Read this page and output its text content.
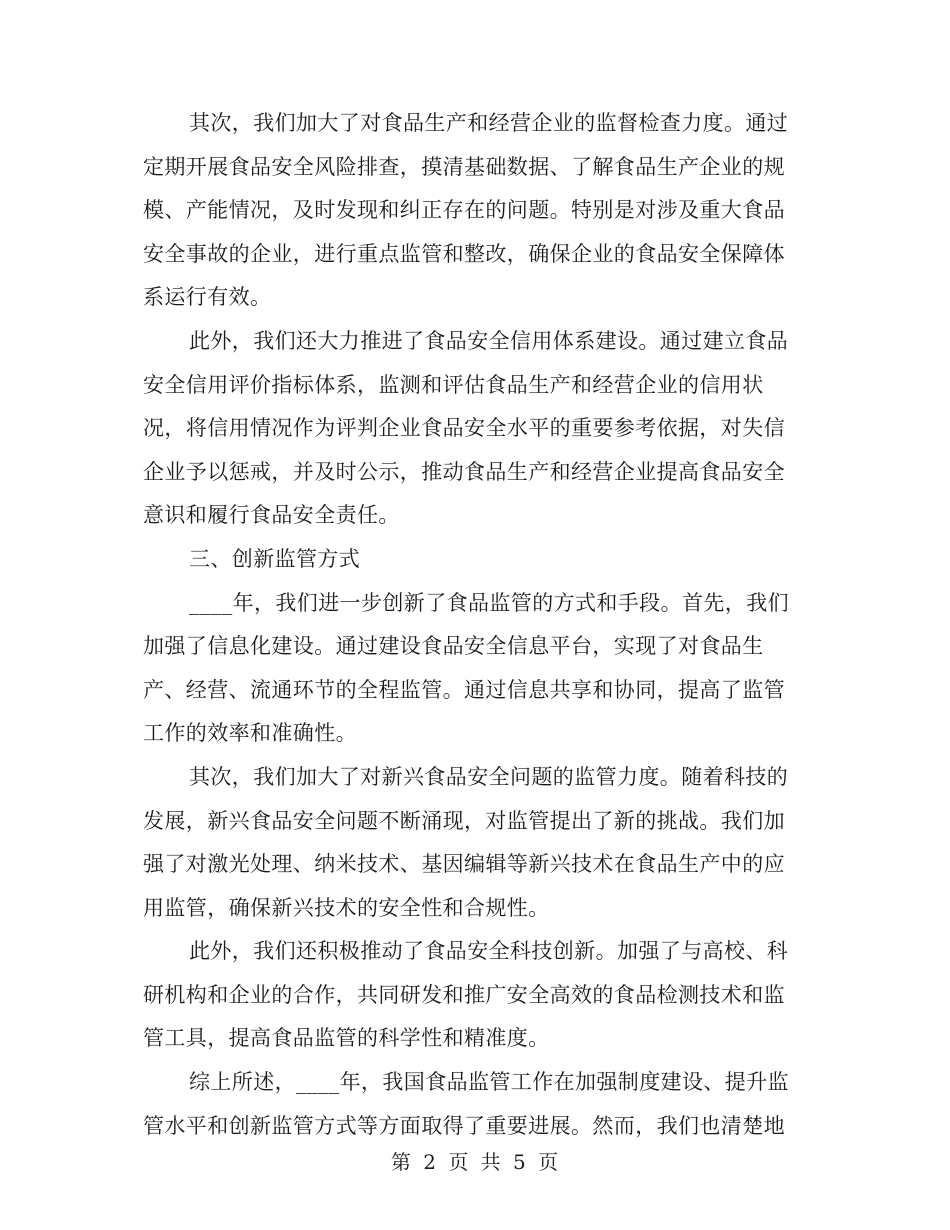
其次，我们加大了对食品生产和经营企业的监督检查力度。通过
定期开展食品安全风险排查，摸清基础数据、了解食品生产企业的规
模、产能情况，及时发现和纠正存在的问题。特别是对涉及重大食品
安全事故的企业，进行重点监管和整改，确保企业的食品安全保障体
系运行有效。
此外，我们还大力推进了食品安全信用体系建设。通过建立食品
安全信用评价指标体系，监测和评估食品生产和经营企业的信用状
况，将信用情况作为评判企业食品安全水平的重要参考依据，对失信
企业予以惩戒，并及时公示，推动食品生产和经营企业提高食品安全
意识和履行食品安全责任。
三、创新监管方式
____年，我们进一步创新了食品监管的方式和手段。首先，我们
加强了信息化建设。通过建设食品安全信息平台，实现了对食品生
产、经营、流通环节的全程监管。通过信息共享和协同，提高了监管
工作的效率和准确性。
其次，我们加大了对新兴食品安全问题的监管力度。随着科技的
发展，新兴食品安全问题不断涌现，对监管提出了新的挑战。我们加
强了对激光处理、纳米技术、基因编辑等新兴技术在食品生产中的应
用监管，确保新兴技术的安全性和合规性。
此外，我们还积极推动了食品安全科技创新。加强了与高校、科
研机构和企业的合作，共同研发和推广安全高效的食品检测技术和监
管工具，提高食品监管的科学性和精准度。
综上所述，____年，我国食品监管工作在加强制度建设、提升监
管水平和创新监管方式等方面取得了重要进展。然而，我们也清楚地
第 2 页 共 5 页
